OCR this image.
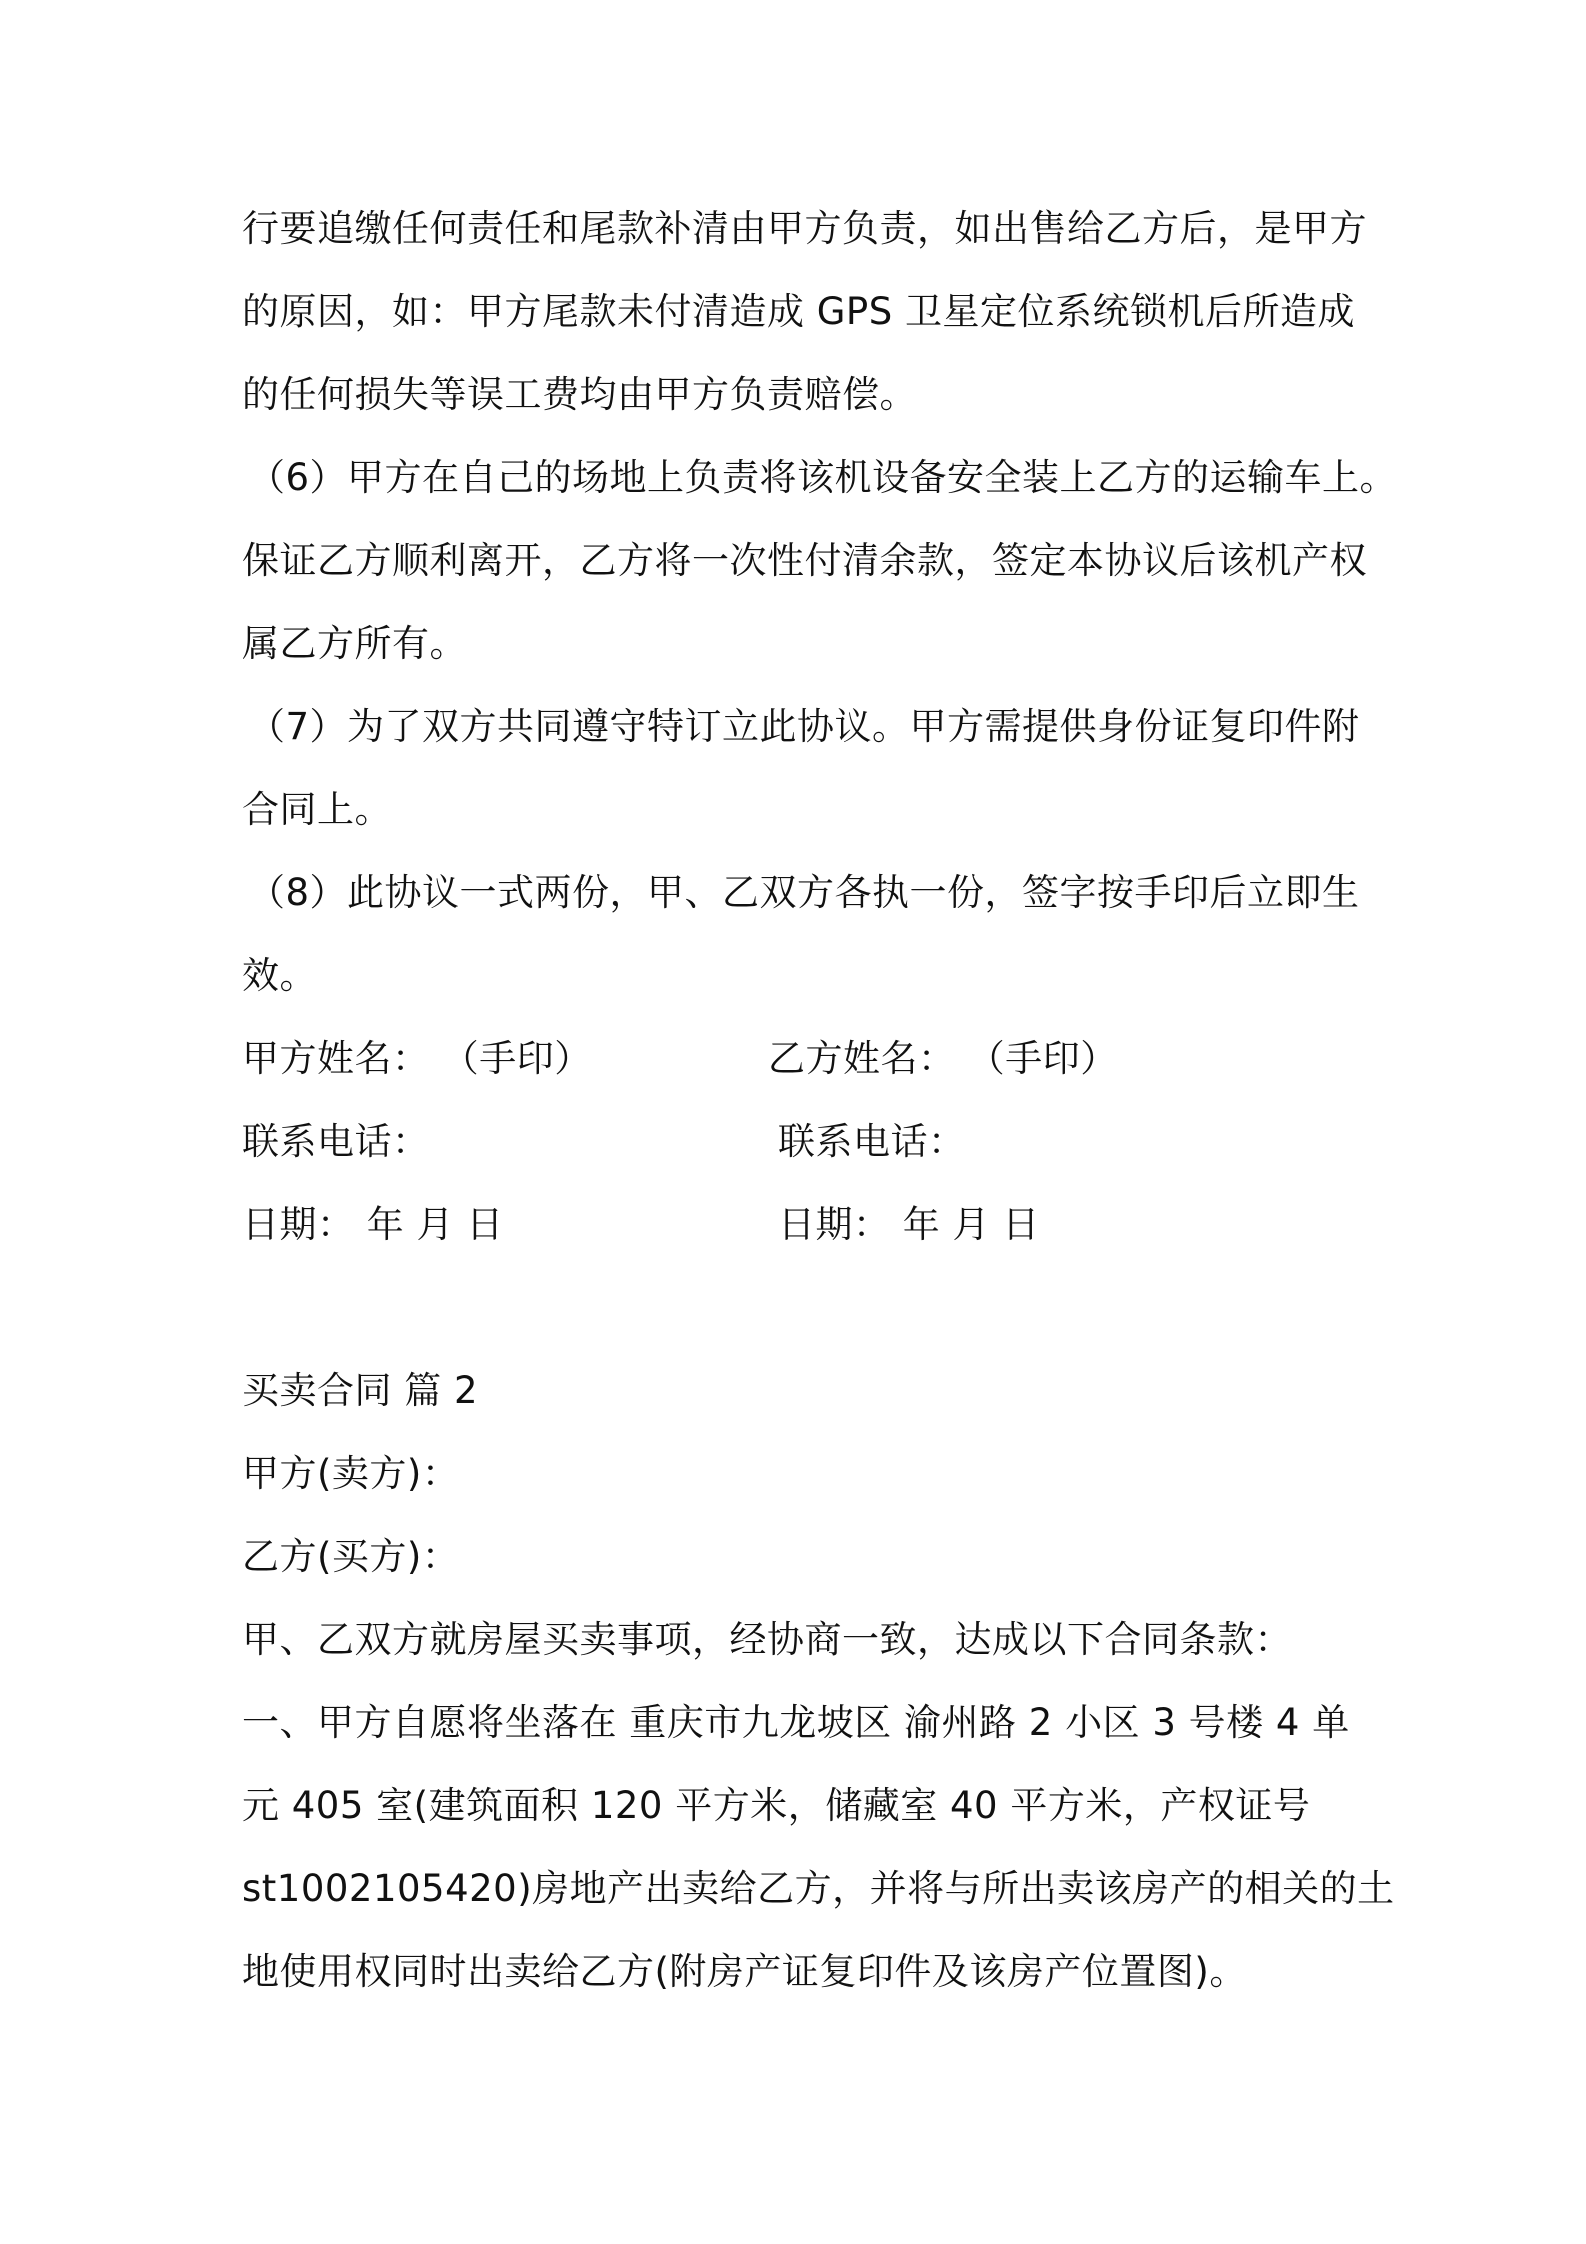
行要追缴任何责任和尾款补清由甲方负责，如出售给乙方后，是甲方
的原因，如：甲方尾款未付清造成 GPS 卫星定位系统锁机后所造成
的任何损失等误工费均由甲方负责赔偿。
（6）甲方在自己的场地上负责将该机设备安全装上乙方的运输车上。
保证乙方顺利离开，乙方将一次性付清余款，签定本协议后该机产权
属乙方所有。
（7）为了双方共同遵守特订立此协议。甲方需提供身份证复印件附
合同上。
（8）此协议一式两份，甲、乙双方各执一份，签字按手印后立即生
效。
甲方姓名： （手印）	乙方姓名： （手印）
联系电话：	联系电话：
日期： 年 月 日	日期： 年 月 日
买卖合同 篇 2
甲方(卖方)：
乙方(买方)：
甲、乙双方就房屋买卖事项，经协商一致，达成以下合同条款：
一、甲方自愿将坐落在 重庆市九龙坡区 渝州路 2 小区 3 号楼 4 单
元 405 室(建筑面积 120 平方米，储藏室 40 平方米，产权证号
st1002105420)房地产出卖给乙方，并将与所出卖该房产的相关的土
地使用权同时出卖给乙方(附房产证复印件及该房产位置图)。
